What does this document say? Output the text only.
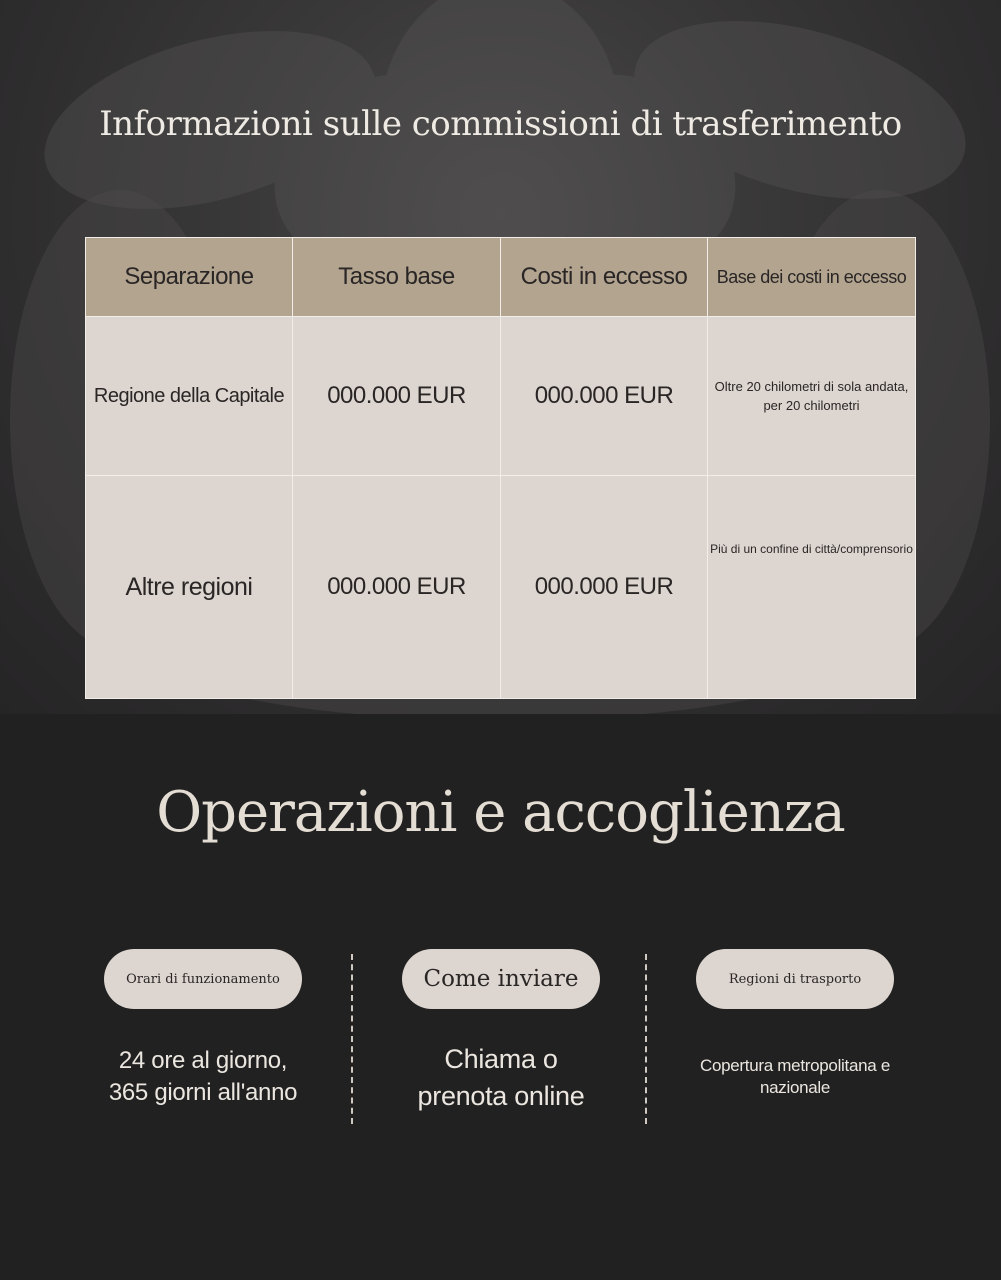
Informazioni sulle commissioni di trasferimento
Separazione	Tasso base	Costi in eccesso	Base dei costi in eccesso
Regione della Capitale	000.000 EUR	000.000 EUR	Oltre 20 chilometri di sola andata, per 20 chilometri
Altre regioni	000.000 EUR	000.000 EUR	Più di un confine di città/comprensorio
Operazioni e accoglienza
Orari di funzionamento
24 ore al giorno, 365 giorni all'anno
Come inviare
Chiama o prenota online
Regioni di trasporto
Copertura metropolitana e nazionale
